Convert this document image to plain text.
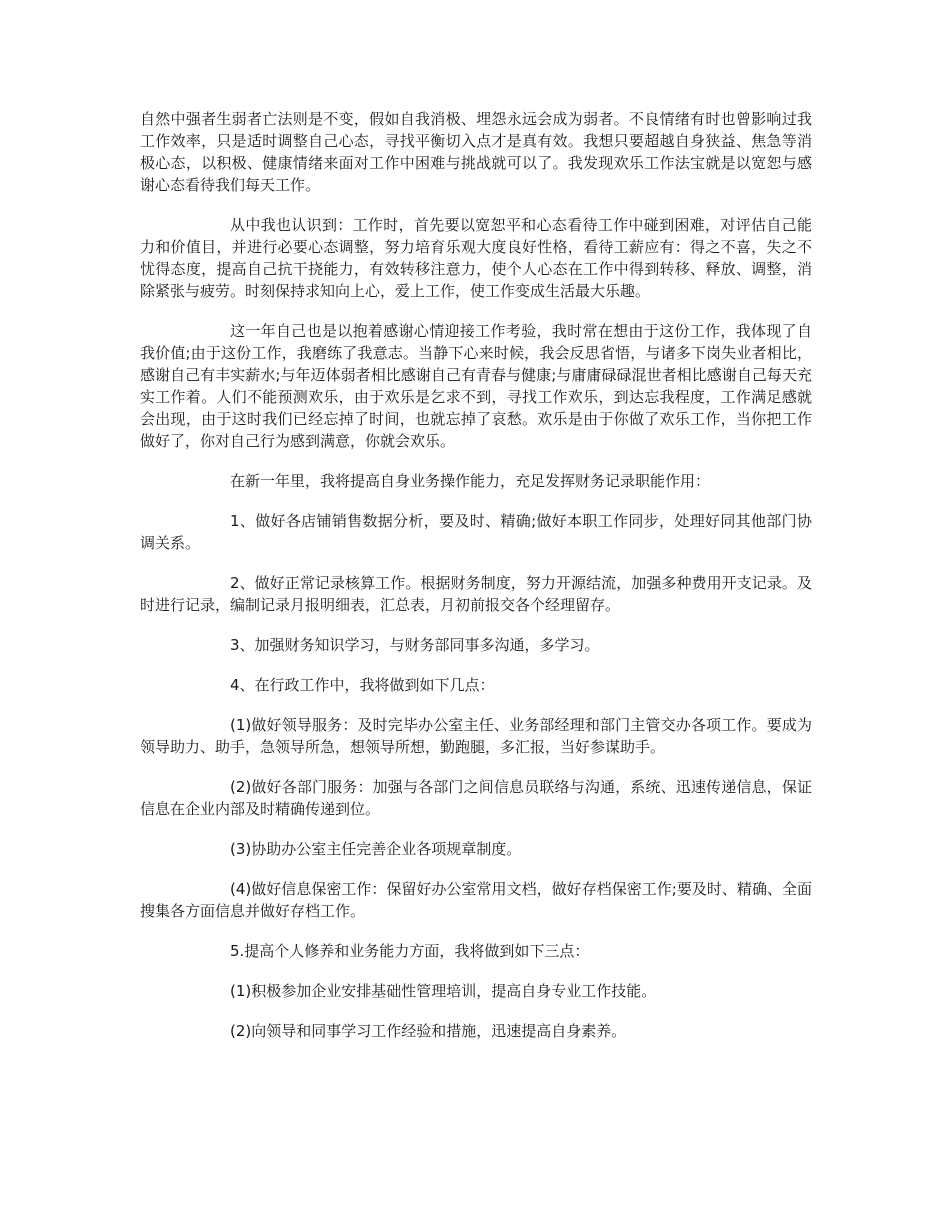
自然中强者生弱者亡法则是不变，假如自我消极、埋怨永远会成为弱者。不良情绪有时也曾影响过我工作效率，只是适时调整自己心态，寻找平衡切入点才是真有效。我想只要超越自身狭益、焦急等消极心态，以积极、健康情绪来面对工作中困难与挑战就可以了。我发现欢乐工作法宝就是以宽恕与感谢心态看待我们每天工作。

从中我也认识到：工作时，首先要以宽恕平和心态看待工作中碰到困难，对评估自己能力和价值目，并进行必要心态调整，努力培育乐观大度良好性格，看待工薪应有：得之不喜，失之不忧得态度，提高自己抗干挠能力，有效转移注意力，使个人心态在工作中得到转移、释放、调整，消除紧张与疲劳。时刻保持求知向上心，爱上工作，使工作变成生活最大乐趣。

这一年自己也是以抱着感谢心情迎接工作考验，我时常在想由于这份工作，我体现了自我价值;由于这份工作，我磨练了我意志。当静下心来时候，我会反思省悟，与诸多下岗失业者相比，感谢自己有丰实薪水;与年迈体弱者相比感谢自己有青春与健康;与庸庸碌碌混世者相比感谢自己每天充实工作着。人们不能预测欢乐，由于欢乐是乞求不到，寻找工作欢乐，到达忘我程度，工作满足感就会出现，由于这时我们已经忘掉了时间，也就忘掉了哀愁。欢乐是由于你做了欢乐工作，当你把工作做好了，你对自己行为感到满意，你就会欢乐。

在新一年里，我将提高自身业务操作能力，充足发挥财务记录职能作用：

1、做好各店铺销售数据分析，要及时、精确;做好本职工作同步，处理好同其他部门协调关系。

2、做好正常记录核算工作。根据财务制度，努力开源结流，加强多种费用开支记录。及时进行记录，编制记录月报明细表，汇总表，月初前报交各个经理留存。

3、加强财务知识学习，与财务部同事多沟通，多学习。

4、在行政工作中，我将做到如下几点：

(1)做好领导服务：及时完毕办公室主任、业务部经理和部门主管交办各项工作。要成为领导助力、助手，急领导所急，想领导所想，勤跑腿，多汇报，当好参谋助手。

(2)做好各部门服务：加强与各部门之间信息员联络与沟通，系统、迅速传递信息，保证信息在企业内部及时精确传递到位。

(3)协助办公室主任完善企业各项规章制度。

(4)做好信息保密工作：保留好办公室常用文档，做好存档保密工作;要及时、精确、全面搜集各方面信息并做好存档工作。

5.提高个人修养和业务能力方面，我将做到如下三点：

(1)积极参加企业安排基础性管理培训，提高自身专业工作技能。

(2)向领导和同事学习工作经验和措施，迅速提高自身素养。
